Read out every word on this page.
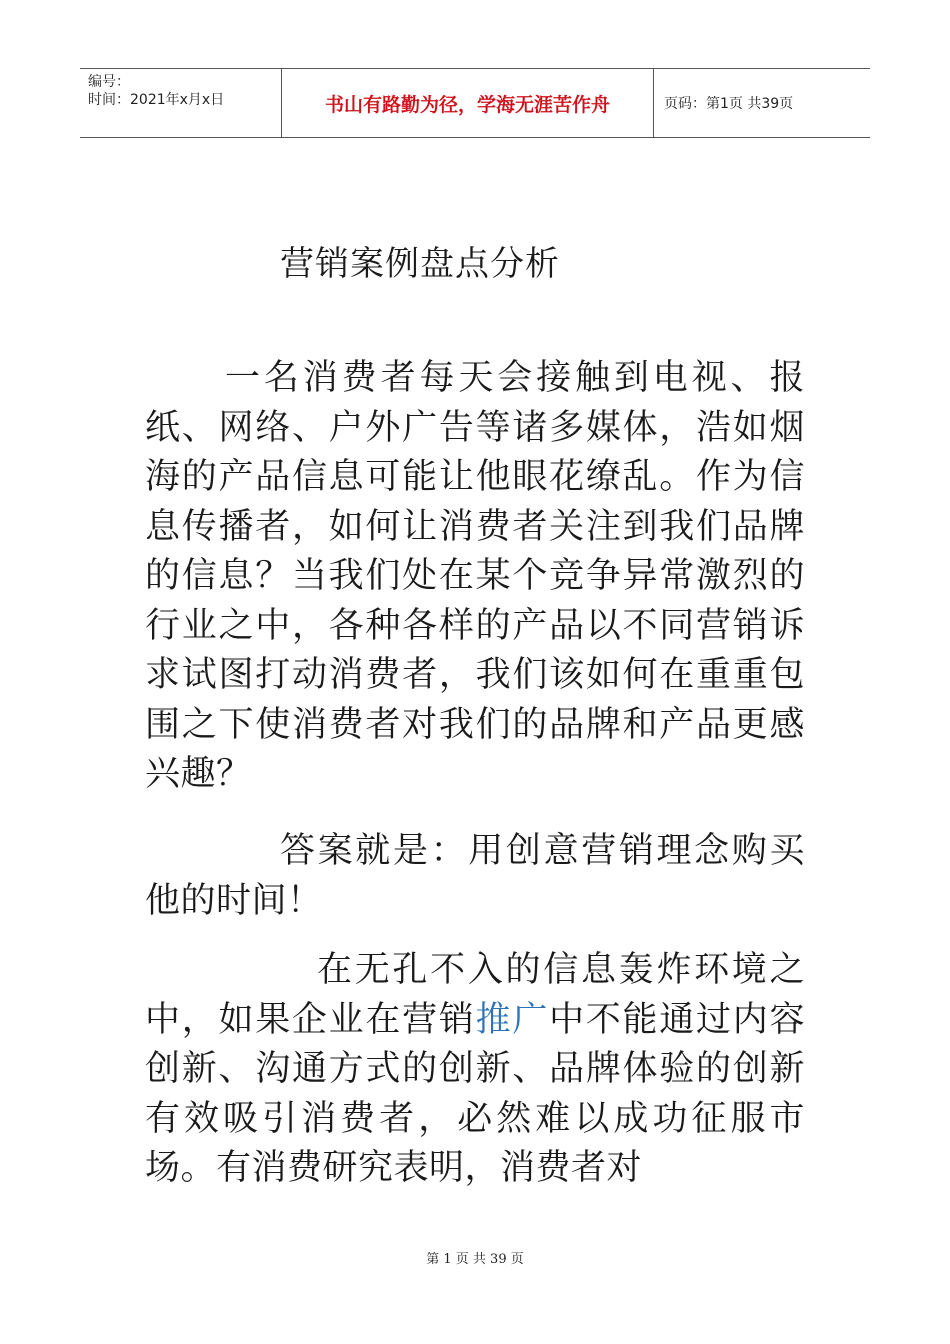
编号：
时间：2021年x月x日	书山有路勤为径，学海无涯苦作舟	页码：第1页 共39页
营销案例盘点分析
一名消费者每天会接触到电视、报纸、网络、户外广告等诸多媒体，浩如烟海的产品信息可能让他眼花缭乱。作为信息传播者，如何让消费者关注到我们品牌的信息？当我们处在某个竞争异常激烈的行业之中，各种各样的产品以不同营销诉求试图打动消费者，我们该如何在重重包围之下使消费者对我们的品牌和产品更感兴趣？
答案就是：用创意营销理念购买他的时间！
在无孔不入的信息轰炸环境之中，如果企业在营销推广中不能通过内容创新、沟通方式的创新、品牌体验的创新有效吸引消费者，必然难以成功征服市场。有消费研究表明，消费者对
第 1 页 共 39 页
